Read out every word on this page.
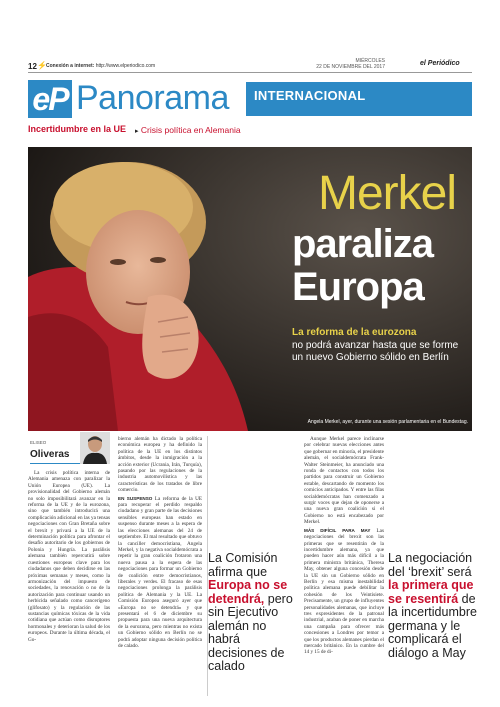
12 ⚡ Conexión a internet: http://www.elperiodico.com
MIÉRCOLES
22 DE NOVIEMBRE DEL 2017	el Periódico
eP Panorama INTERNACIONAL
Incertidumbre en la UE ▸ Crisis política en Alemania
Merkel
paraliza
Europa
La reforma de la eurozona
no podrá avanzar hasta que se forme
un nuevo Gobierno sólido en Berlín
Angela Merkel, ayer, durante una sesión parlamentaria en el Bundestag.
ELISEO
Oliveras

La crisis política interna de Alemania amenaza con paralizar la Unión Europea (UE). La provisionalidad del Gobierno alemán no solo imposibilitará avanzar en la reforma de la UE y de la eurozona, sino que también introducirá una complicación adicional en las ya tensas negociaciones con Gran Bretaña sobre el brexit y privará a la UE de la determinación política para afrontar el desafío autoritario de los gobiernos de Polonia y Hungría. La parálisis alemana también repercutirá sobre cuestiones europeas clave para los ciudadanos que deben decidirse en las próximas semanas y meses, como la armonización del impuesto de sociedades, la renovación o no de la autorización para continuar usando un herbicida señalado como cancerígeno (glifosato) y la regulación de las sustancias químicas tóxicas de la vida cotidiana que actúan como disruptores hormonales y deterioran la salud de los europeos. Durante la última década, el Go-

bierno alemán ha dictado la política económica europea y ha definido la política de la UE en los distintos ámbitos, desde la inmigración a la acción exterior (Ucrania, Irán, Turquía), pasando por las regulaciones de la industria automovilística y las características de los tratados de libre comercio.

EN SUSPENSO La reforma de la UE para recuperar el perdido respaldo ciudadano y gran parte de las decisiones sensibles europeas han estado en suspenso durante meses a la espera de las elecciones alemanas del 24 de septiembre. El mal resultado que obtuvo la canciller democristiana, Angela Merkel, y la negativa socialdemócrata a repetir la gran coalición frotaron una nueva pausa a la espera de las negociaciones para formar un Gobierno de coalición entre democristianos, liberales y verdes. El fracaso de esas negociaciones prolonga la parálisis política de Alemania y la UE. La Comisión Europea aseguró ayer que «Europa no se detendrá» y que presentará el 6 de diciembre su propuesta para una nueva arquitectura de la eurozona, pero mientras no exista un Gobierno sólido en Berlín no se podrá adoptar ninguna decisión política de calado.

Aunque Merkel parece inclinarse por celebrar nuevas elecciones antes que gobernar en minoría, el presidente alemán, el socialdemócrata Frank-Walter Steinmeier, ha anunciado una ronda de contactos con todos los partidos para construir un Gobierno estable, descartando de momento los comicios anticipados. Y entre las filas socialdemócratas han comenzado a surgir voces que dejan de oponerse a una nueva gran coalición si el Gobierno no está encabezado por Merkel.

MÁS DIFÍCIL PARA MAY Las negociaciones del brexit son las primeras que se resentirán de la incertidumbre alemana, ya que pueden hacer aún más difícil a la primera ministra británica, Theresa May, obtener alguna concesión desde la UE sin un Gobierno sólido en Berlín y esa misma inestabilidad política alemana puede debilitar la cohesión de los Veintisiete. Precisamente, un grupo de influyentes personalidades alemanas, que incluye tres expresidentes de la patronal industrial, acaban de poner en marcha una campaña para ofrecer más concesiones a Londres por temor a que los productos alemanes pierdan el mercado británico. En la cumbre del 14 y 15 de di-

La Comisión afirma que Europa no se detendrá, pero sin Ejecutivo alemán no habrá decisiones de calado
La negociación del ‘brexit’ será la primera que se resentirá de la incertidumbre germana y le complicará el diálogo a May
